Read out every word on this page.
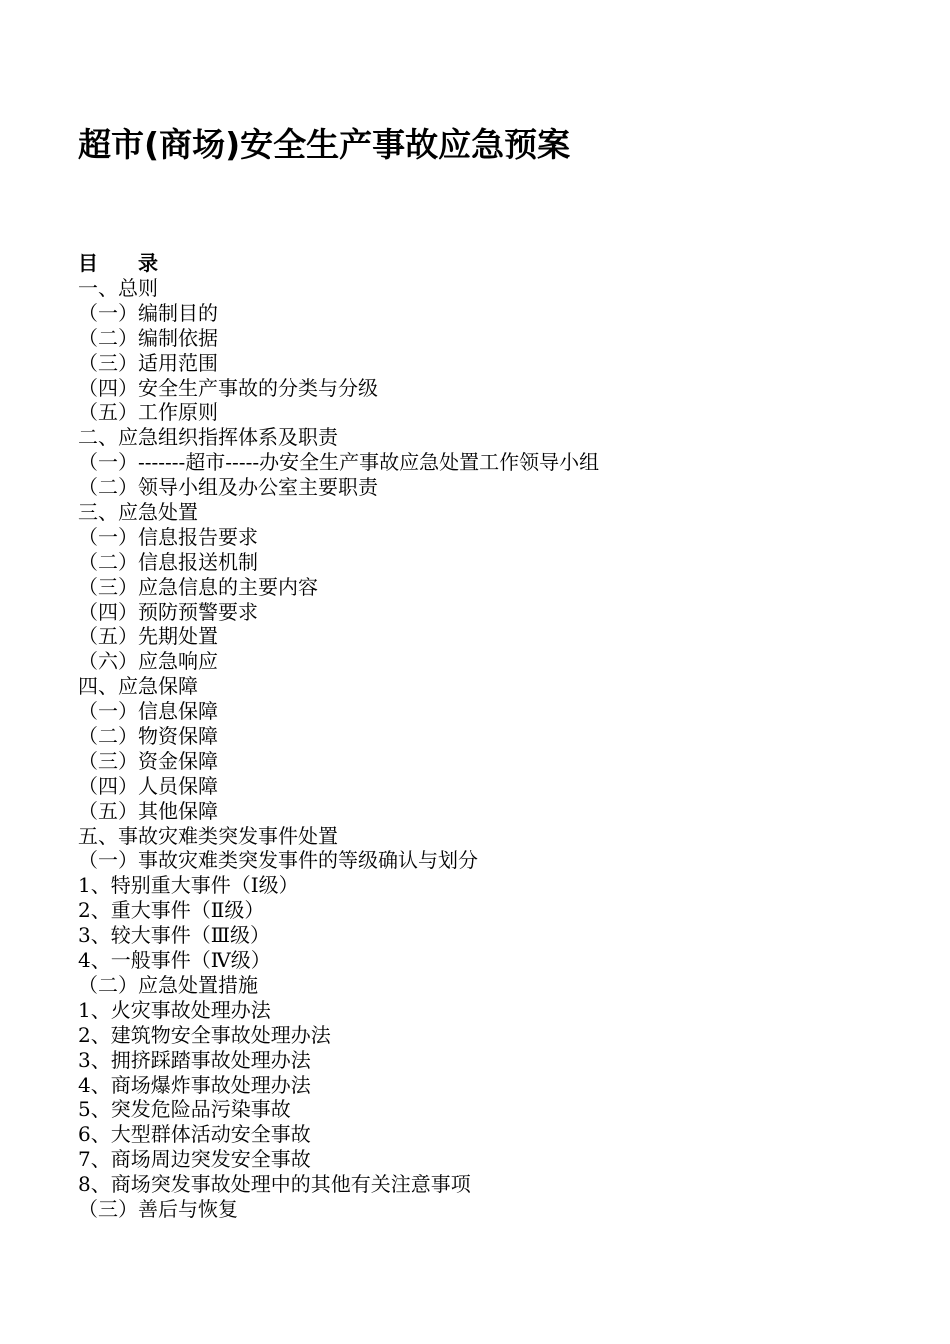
超市(商场)安全生产事故应急预案
目　　录
一、总则
（一）编制目的
（二）编制依据
（三）适用范围
（四）安全生产事故的分类与分级
（五）工作原则
二、应急组织指挥体系及职责
（一）-------超市-----办安全生产事故应急处置工作领导小组
（二）领导小组及办公室主要职责
三、应急处置
（一）信息报告要求
（二）信息报送机制
（三）应急信息的主要内容
（四）预防预警要求
（五）先期处置
（六）应急响应
四、应急保障
（一）信息保障
（二）物资保障
（三）资金保障
（四）人员保障
（五）其他保障
五、事故灾难类突发事件处置
（一）事故灾难类突发事件的等级确认与划分
1、特别重大事件（Ⅰ级）
2、重大事件（Ⅱ级）
3、较大事件（Ⅲ级）
4、一般事件（Ⅳ级）
（二）应急处置措施
1、火灾事故处理办法
2、建筑物安全事故处理办法
3、拥挤踩踏事故处理办法
4、商场爆炸事故处理办法
5、突发危险品污染事故
6、大型群体活动安全事故
7、商场周边突发安全事故
8、商场突发事故处理中的其他有关注意事项
（三）善后与恢复
